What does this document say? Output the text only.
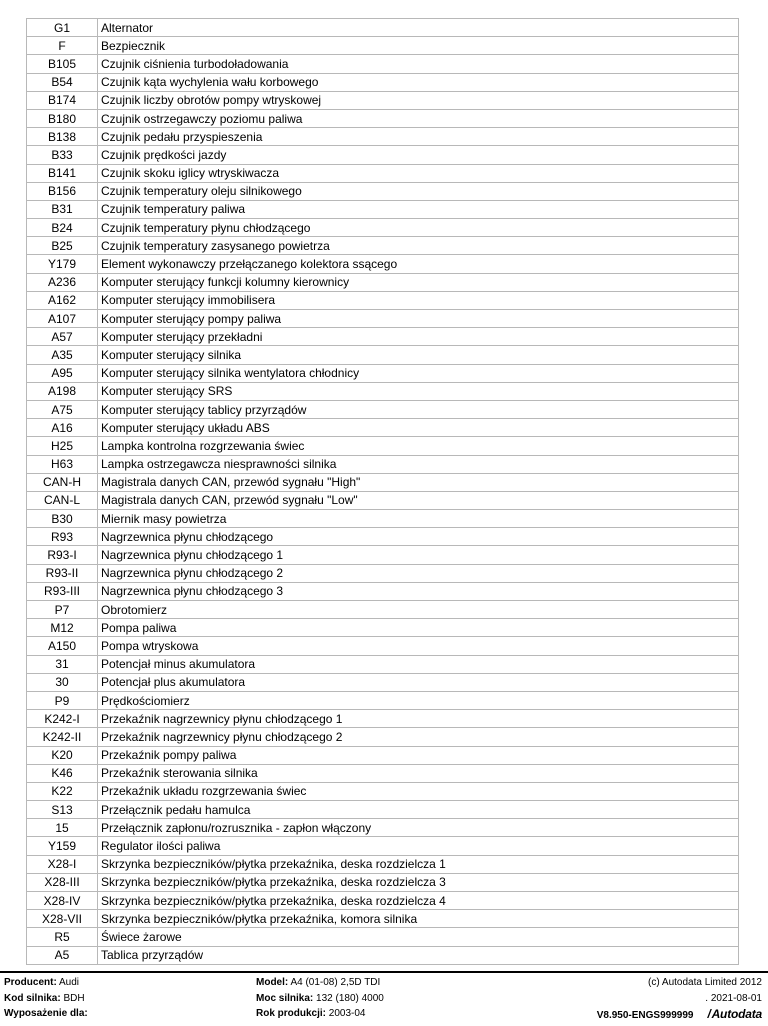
G1	Alternator
F	Bezpiecznik
B105	Czujnik ciśnienia turbodoładowania
B54	Czujnik kąta wychylenia wału korbowego
B174	Czujnik liczby obrotów pompy wtryskowej
B180	Czujnik ostrzegawczy poziomu paliwa
B138	Czujnik pedału przyspieszenia
B33	Czujnik prędkości jazdy
B141	Czujnik skoku iglicy wtryskiwacza
B156	Czujnik temperatury oleju silnikowego
B31	Czujnik temperatury paliwa
B24	Czujnik temperatury płynu chłodzącego
B25	Czujnik temperatury zasysanego powietrza
Y179	Element wykonawczy przełączanego kolektora ssącego
A236	Komputer sterujący funkcji kolumny kierownicy
A162	Komputer sterujący immobilisera
A107	Komputer sterujący pompy paliwa
A57	Komputer sterujący przekładni
A35	Komputer sterujący silnika
A95	Komputer sterujący silnika wentylatora chłodnicy
A198	Komputer sterujący SRS
A75	Komputer sterujący tablicy przyrządów
A16	Komputer sterujący układu ABS
H25	Lampka kontrolna rozgrzewania świec
H63	Lampka ostrzegawcza niesprawności silnika
CAN-H	Magistrala danych CAN, przewód sygnału "High"
CAN-L	Magistrala danych CAN, przewód sygnału "Low"
B30	Miernik masy powietrza
R93	Nagrzewnica płynu chłodzącego
R93-I	Nagrzewnica płynu chłodzącego 1
R93-II	Nagrzewnica płynu chłodzącego 2
R93-III	Nagrzewnica płynu chłodzącego 3
P7	Obrotomierz
M12	Pompa paliwa
A150	Pompa wtryskowa
31	Potencjał minus akumulatora
30	Potencjał plus akumulatora
P9	Prędkościomierz
K242-I	Przekaźnik nagrzewnicy płynu chłodzącego 1
K242-II	Przekaźnik nagrzewnicy płynu chłodzącego 2
K20	Przekaźnik pompy paliwa
K46	Przekaźnik sterowania silnika
K22	Przekaźnik układu rozgrzewania świec
S13	Przełącznik pedału hamulca
15	Przełącznik zapłonu/rozrusznika - zapłon włączony
Y159	Regulator ilości paliwa
X28-I	Skrzynka bezpieczników/płytka przekaźnika, deska rozdzielcza 1
X28-III	Skrzynka bezpieczników/płytka przekaźnika, deska rozdzielcza 3
X28-IV	Skrzynka bezpieczników/płytka przekaźnika, deska rozdzielcza 4
X28-VII	Skrzynka bezpieczników/płytka przekaźnika, komora silnika
R5	Świece żarowe
A5	Tablica przyrządów
Producent: Audi	Model: A4 (01-08) 2,5D TDI	(c) Autodata Limited 2012
Kod silnika: BDH	Moc silnika: 132 (180) 4000	. 2021-08-01
Wyposażenie dla:	Rok produkcji: 2003-04	V8.950-ENGS999999 / Autodata
